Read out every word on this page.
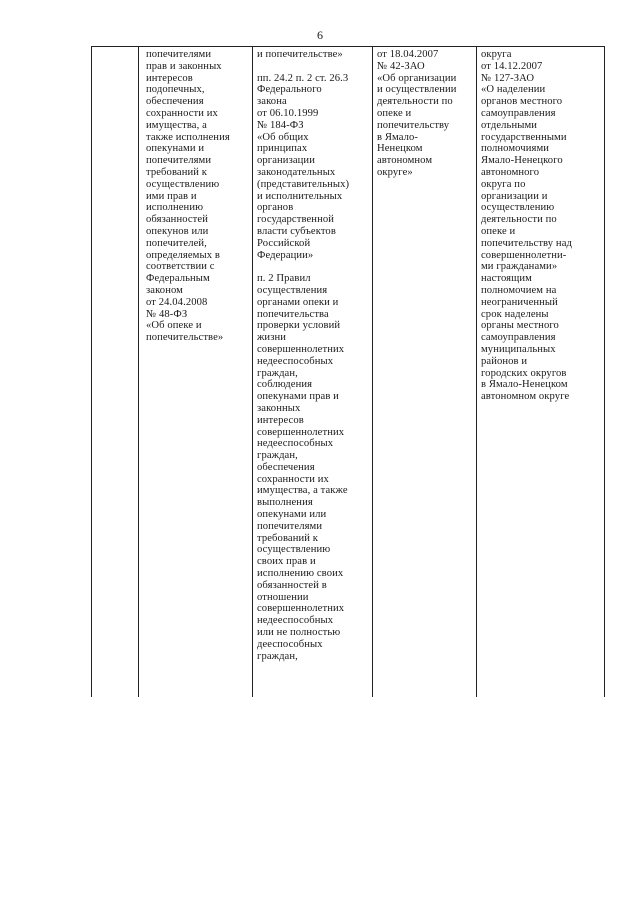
6
попечителями
прав и законных
интересов
подопечных,
обеспечения
сохранности их
имущества, а
также исполнения
опекунами и
попечителями
требований к
осуществлению
ими прав и
исполнению
обязанностей
опекунов или
попечителей,
определяемых в
соответствии с
Федеральным
законом
от 24.04.2008
№ 48-ФЗ
«Об опеке и
попечительстве»
и попечительстве»

пп. 24.2 п. 2 ст. 26.3
Федерального
закона
от 06.10.1999
№ 184-ФЗ
«Об общих
принципах
организации
законодательных
(представительных)
и исполнительных
органов
государственной
власти субъектов
Российской
Федерации»

п. 2 Правил
осуществления
органами опеки и
попечительства
проверки условий
жизни
совершеннолетних
недееспособных
граждан,
соблюдения
опекунами прав и
законных
интересов
совершеннолетних
недееспособных
граждан,
обеспечения
сохранности их
имущества, а также
выполнения
опекунами или
попечителями
требований к
осуществлению
своих прав и
исполнению своих
обязанностей в
отношении
совершеннолетних
недееспособных
или не полностью
дееспособных
граждан,
от 18.04.2007
№ 42-ЗАО
«Об организации
и осуществлении
деятельности по
опеке и
попечительству
в Ямало-
Ненецком
автономном
округе»
округа
от 14.12.2007
№ 127-ЗАО
«О наделении
органов местного
самоуправления
отдельными
государственными
полномочиями
Ямало-Ненецкого
автономного
округа по
организации и
осуществлению
деятельности по
опеке и
попечительству над
совершеннолетни-
ми гражданами»
настоящим
полномочием на
неограниченный
срок наделены
органы местного
самоуправления
муниципальных
районов и
городских округов
в Ямало-Ненецком
автономном округе
